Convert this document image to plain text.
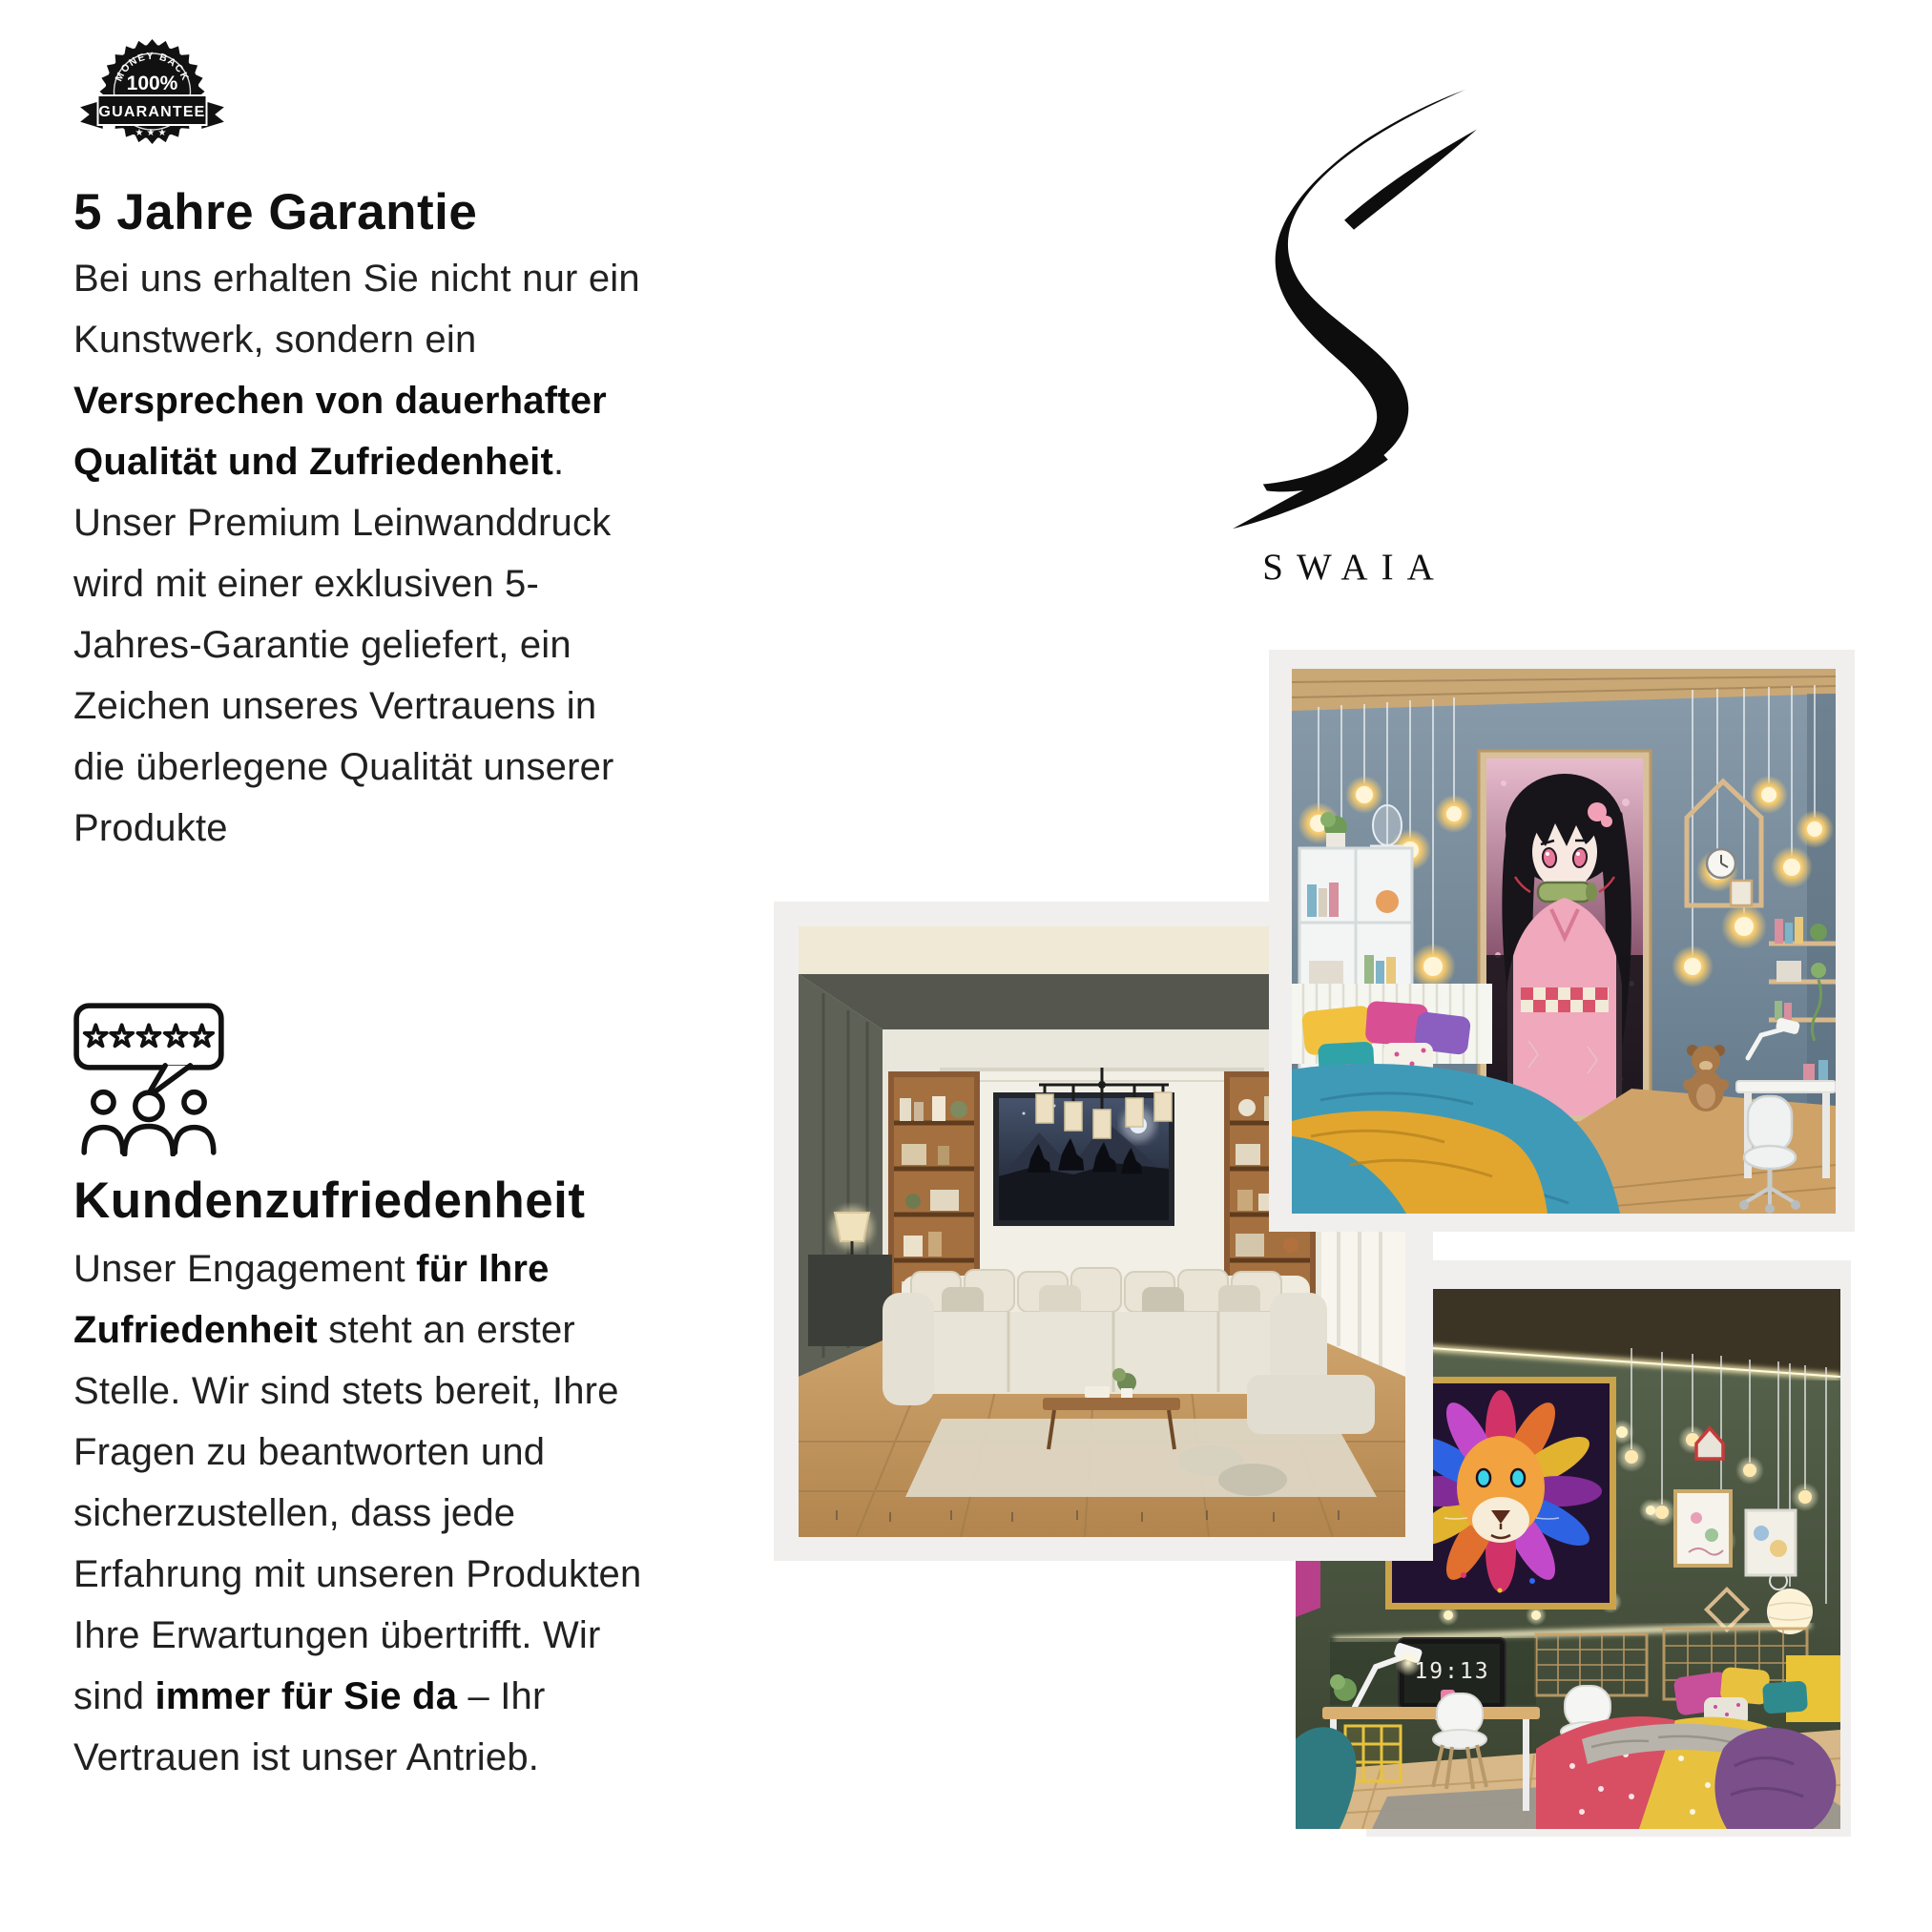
MONEY BACK
100%
GUARANTEE
★★★
5 Jahre Garantie
Bei uns erhalten Sie nicht nur ein Kunstwerk, sondern ein Versprechen von dauerhafter Qualität und Zufriedenheit. Unser Premium Leinwanddruck wird mit einer exklusiven 5-Jahres-Garantie geliefert, ein Zeichen unseres Vertrauens in die überlegene Qualität unserer Produkte
Kundenzufriedenheit
Unser Engagement für Ihre Zufriedenheit steht an erster Stelle. Wir sind stets bereit, Ihre Fragen zu beantworten und sicherzustellen, dass jede Erfahrung mit unseren Produkten Ihre Erwartungen übertrifft. Wir sind immer für Sie da – Ihr Vertrauen ist unser Antrieb.
SWAIA
19:13
